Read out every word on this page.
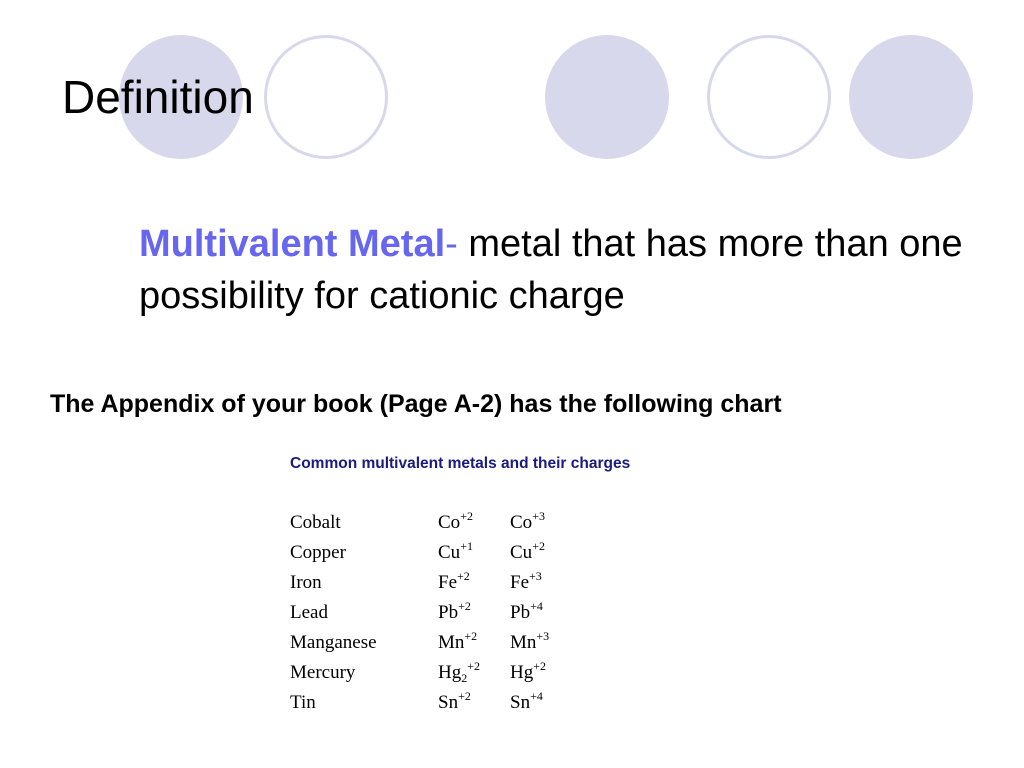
Definition
Multivalent Metal- metal that has more than one possibility for cationic charge
The Appendix of your book (Page A-2) has the following chart
Common multivalent metals and their charges
Cobalt	$Co^{+2}$ $Co^{+3}$
Copper	$Cu^{+1}$ $Cu^{+2}$
Iron	$Fe^{+2}$ $Fe^{+3}$
Lead	$Pb^{+2}$ $Pb^{+4}$
Manganese	$Mn^{+2}$ $Mn^{+3}$
Mercury	$Hg_2^{+2}$ $Hg^{+2}$
Tin	$Sn^{+2}$ $Sn^{+4}$
